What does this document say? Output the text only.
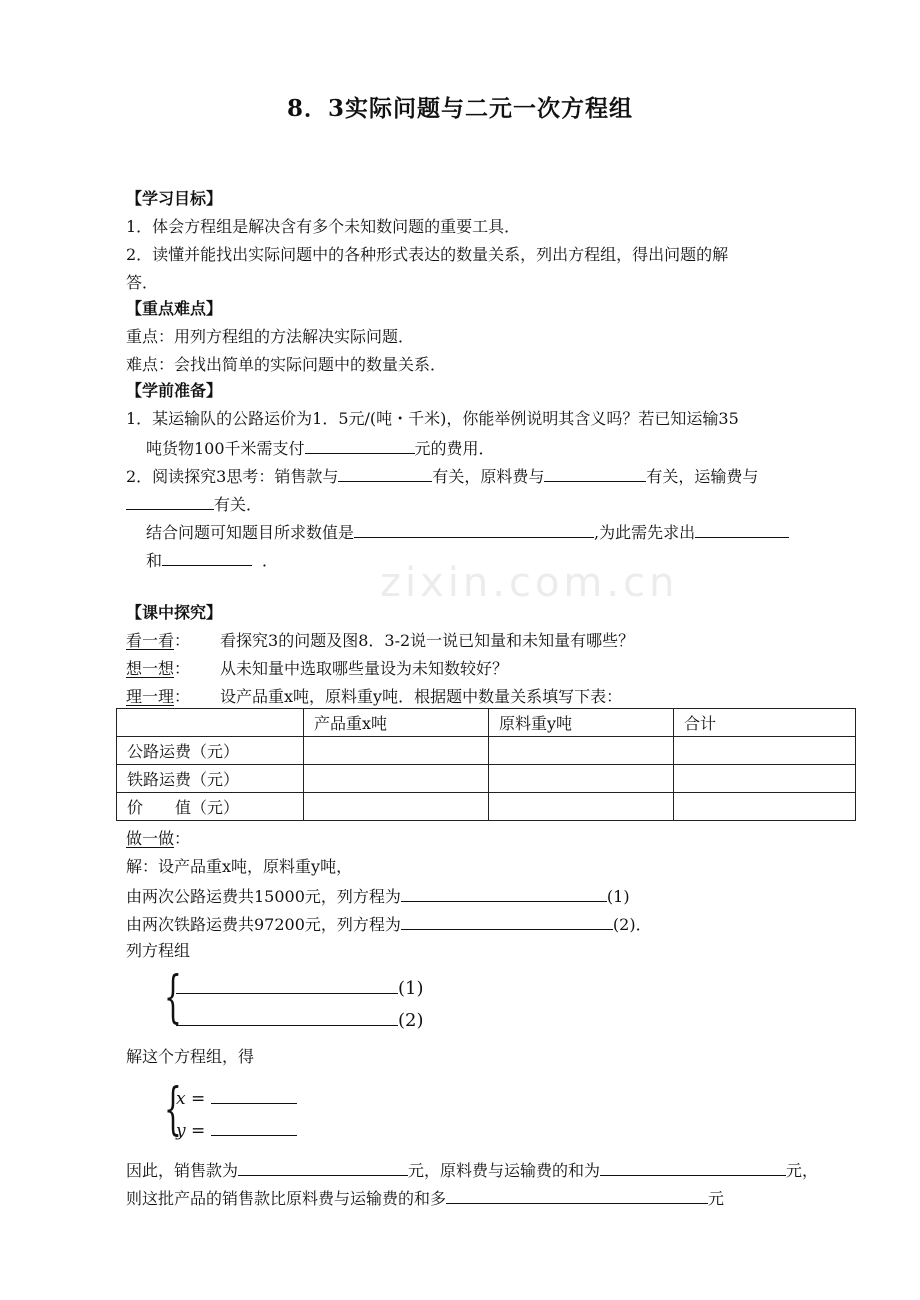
zixin.com.cn
8．3实际问题与二元一次方程组
【学习目标】
1．体会方程组是解决含有多个未知数问题的重要工具．
2．读懂并能找出实际问题中的各种形式表达的数量关系，列出方程组，得出问题的解
答．
【重点难点】
重点：用列方程组的方法解决实际问题．
难点：会找出简单的实际问题中的数量关系．
【学前准备】
1．某运输队的公路运价为1．5元/(吨・千米)，你能举例说明其含义吗？若已知运输35
吨货物100千米需支付	元的费用．
2．阅读探究3思考：销售款与	有关，原料费与	有关，运输费与
有关．
结合问题可知题目所求数值是	,为此需先求出
和	．
【课中探究】
看一看： 看探究3的问题及图8．3-2说一说已知量和未知量有哪些？
想一想： 从未知量中选取哪些量设为未知数较好？
理一理： 设产品重x吨，原料重y吨．根据题中数量关系填写下表：
	产品重x吨	原料重y吨	合计
公路运费（元）			
铁路运费（元）			
价　　值（元）			
做一做：
解：设产品重x吨，原料重y吨，
由两次公路运费共15000元，列方程为	(1)
由两次铁路运费共97200元，列方程为	(2)．
列方程组
{	(1)
(2)
解这个方程组，得
{
x =
y =
因此，销售款为	元，原料费与运输费的和为	元，
则这批产品的销售款比原料费与运输费的和多	元
